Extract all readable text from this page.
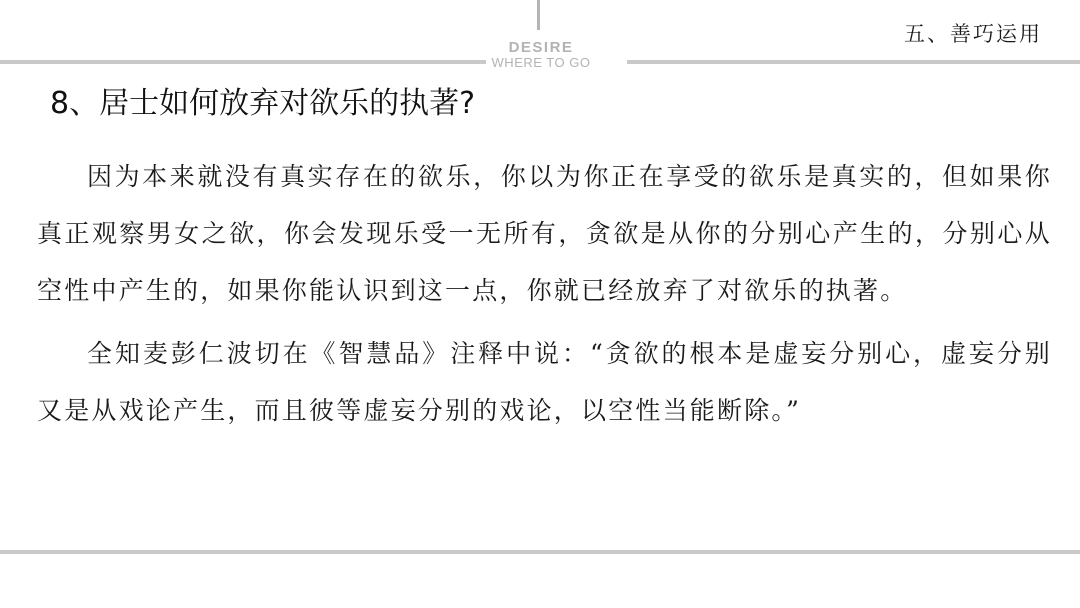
DESIRE
WHERE TO GO
五、善巧运用
8、居士如何放弃对欲乐的执著?

因为本来就没有真实存在的欲乐，你以为你正在享受的欲乐是真实的，但如果你真正观察男女之欲，你会发现乐受一无所有，贪欲是从你的分别心产生的，分别心从空性中产生的，如果你能认识到这一点，你就已经放弃了对欲乐的执著。

全知麦彭仁波切在《智慧品》注释中说：“贪欲的根本是虚妄分别心，虚妄分别又是从戏论产生，而且彼等虚妄分别的戏论，以空性当能断除。”
